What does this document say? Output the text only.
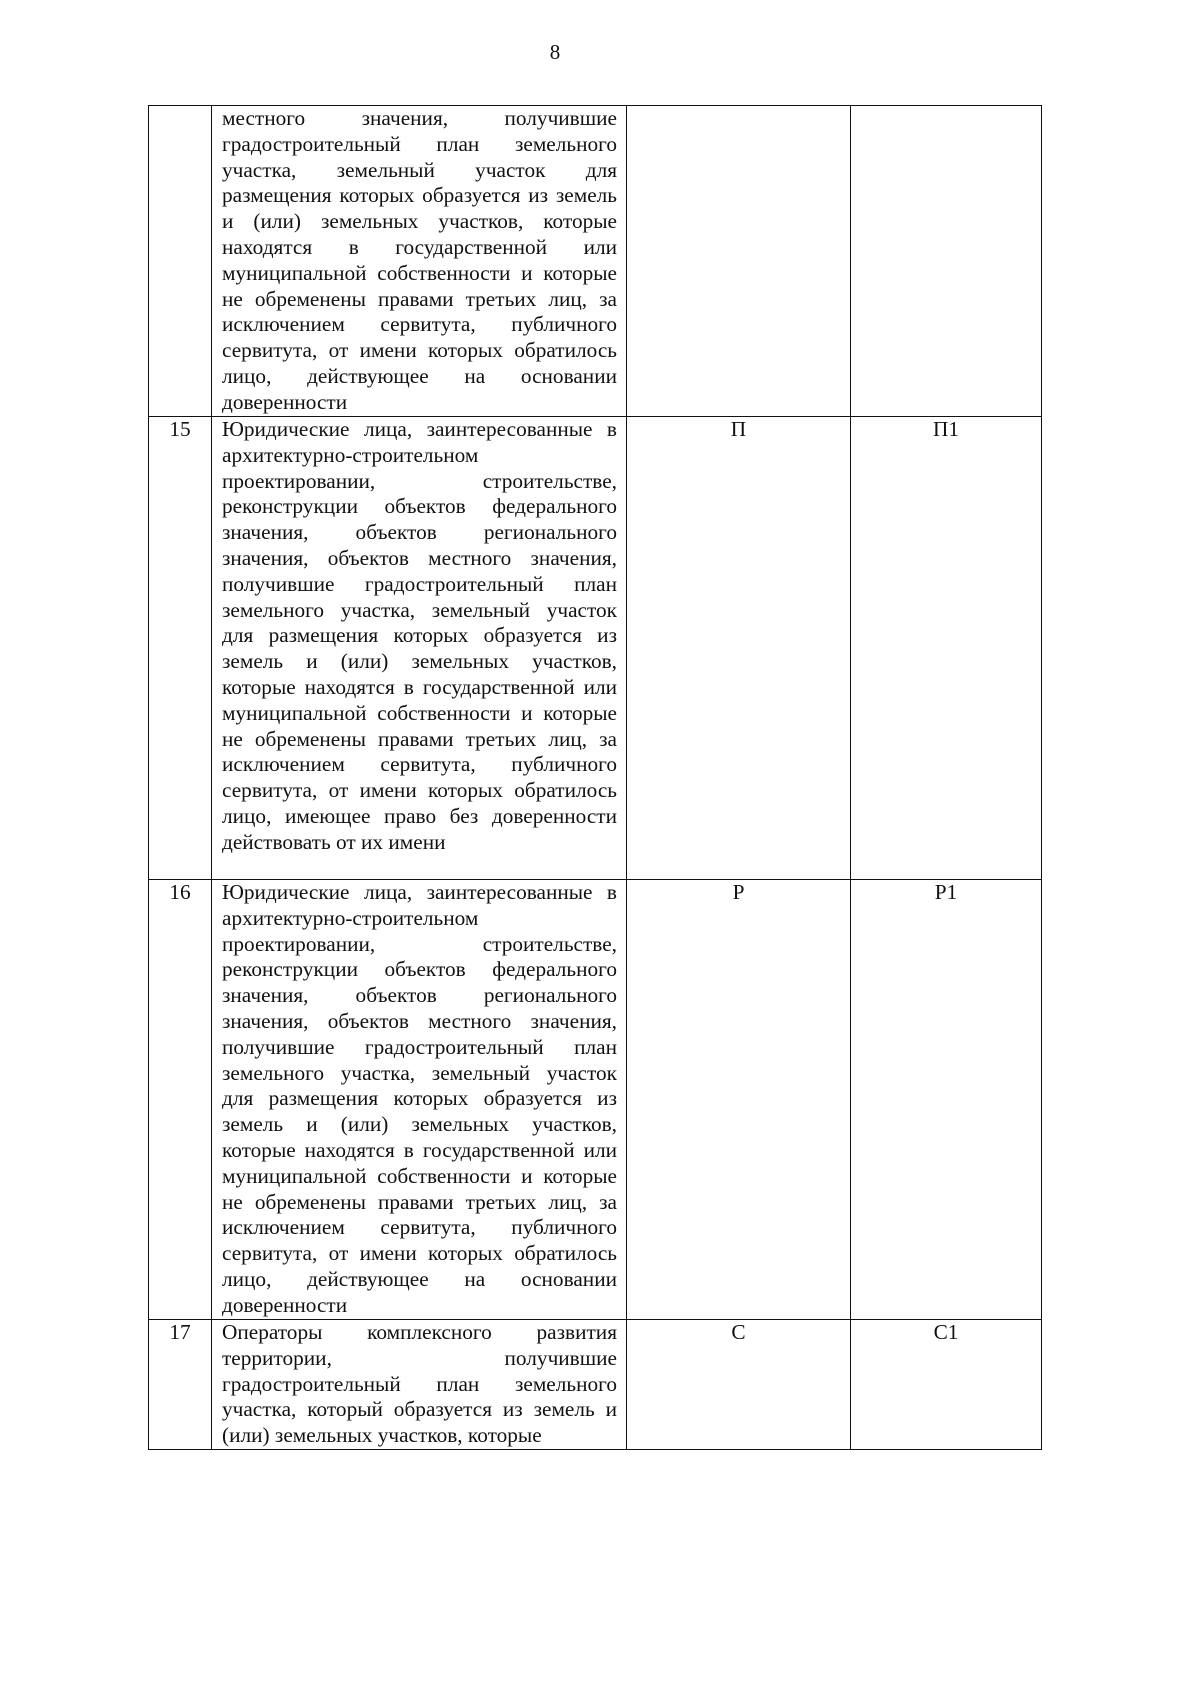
8
	местного значения, получившие градостроительный план земельного участка, земельный участок для размещения которых образуется из земель и (или) земельных участков, которые находятся в государственной или муниципальной собственности и которые не обременены правами третьих лиц, за исключением сервитута, публичного сервитута, от имени которых обратилось лицо, действующее на основании доверенности		
15	Юридические лица, заинтересованные в архитектурно-строительном проектировании, строительстве, реконструкции объектов федерального значения, объектов регионального значения, объектов местного значения, получившие градостроительный план земельного участка, земельный участок для размещения которых образуется из земель и (или) земельных участков, которые находятся в государственной или муниципальной собственности и которые не обременены правами третьих лиц, за исключением сервитута, публичного сервитута, от имени которых обратилось лицо, имеющее право без доверенности действовать от их имени	П	П1
16	Юридические лица, заинтересованные в архитектурно-строительном проектировании, строительстве, реконструкции объектов федерального значения, объектов регионального значения, объектов местного значения, получившие градостроительный план земельного участка, земельный участок для размещения которых образуется из земель и (или) земельных участков, которые находятся в государственной или муниципальной собственности и которые не обременены правами третьих лиц, за исключением сервитута, публичного сервитута, от имени которых обратилось лицо, действующее на основании доверенности	Р	Р1
17	Операторы комплексного развития территории, получившие градостроительный план земельного участка, который образуется из земель и (или) земельных участков, которые	С	С1
